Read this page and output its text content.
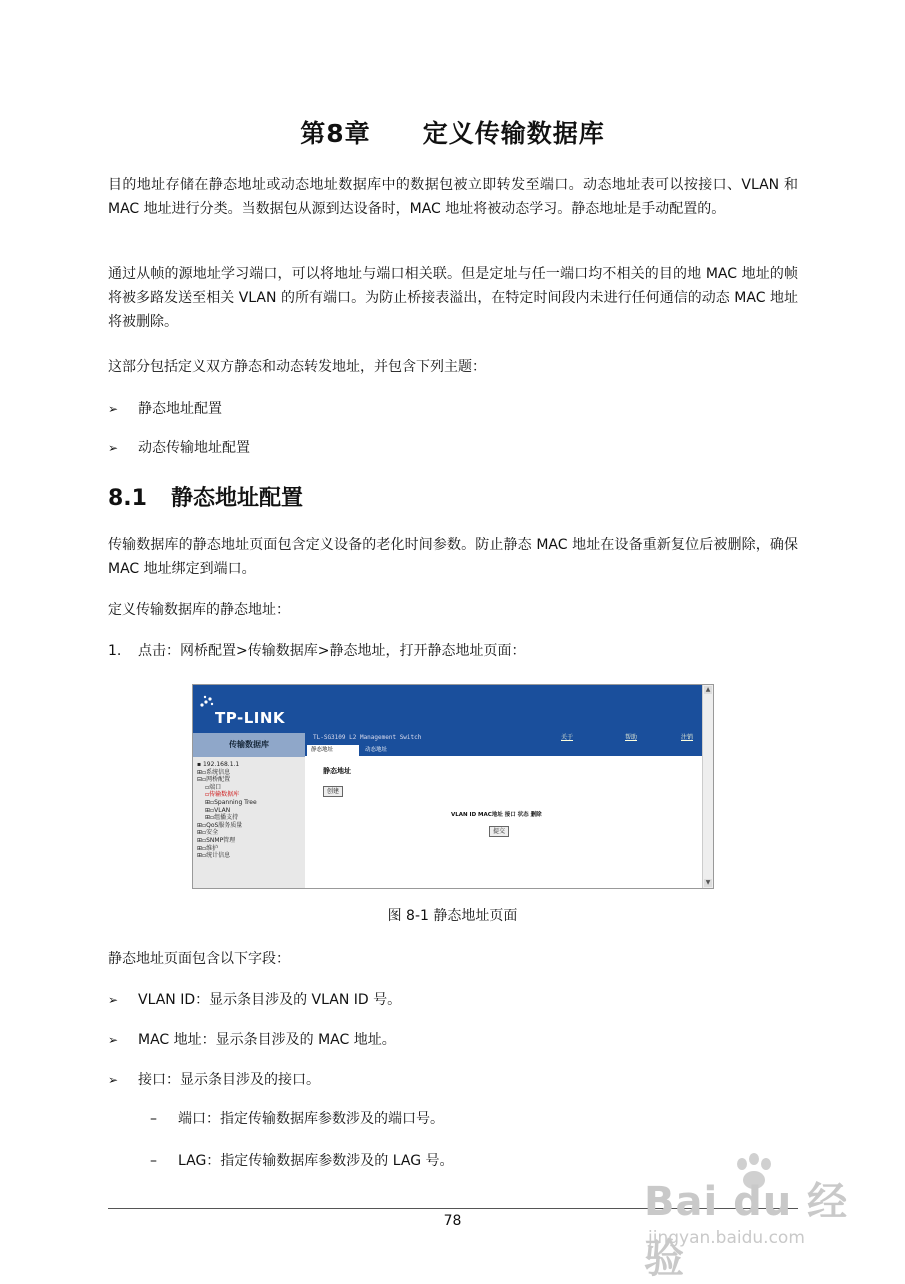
第8章 定义传输数据库
目的地址存储在静态地址或动态地址数据库中的数据包被立即转发至端口。动态地址表可以按接口、VLAN 和 MAC 地址进行分类。当数据包从源到达设备时，MAC 地址将被动态学习。静态地址是手动配置的。
通过从帧的源地址学习端口，可以将地址与端口相关联。但是定址与任一端口均不相关的目的地 MAC 地址的帧将被多路发送至相关 VLAN 的所有端口。为防止桥接表溢出，在特定时间段内未进行任何通信的动态 MAC 地址将被删除。
这部分包括定义双方静态和动态转发地址，并包含下列主题：
➢ 静态地址配置
➢ 动态传输地址配置
8.1 静态地址配置
传输数据库的静态地址页面包含定义设备的老化时间参数。防止静态 MAC 地址在设备重新复位后被删除，确保 MAC 地址绑定到端口。
定义传输数据库的静态地址：
1. 点击：网桥配置>传输数据库>静态地址，打开静态地址页面：
TP-LINK
传输数据库
▪ 192.168.1.1
⊞▫系统信息
⊟▫网桥配置
▫端口
▫传输数据库
⊞▫Spanning Tree
⊞▫VLAN
⊞▫组播支持
⊞▫QoS服务质量
⊞▫安全
⊞▫SNMP管理
⊞▫维护
⊞▫统计信息
TL-SG3109 L2 Management Switch	关于	帮助	注销
静态地址	动态地址
静态地址
创建
VLAN ID MAC地址 接口 状态 删除
提交
▲
▼
图 8-1 静态地址页面
静态地址页面包含以下字段：
➢ VLAN ID：显示条目涉及的 VLAN ID 号。
➢ MAC 地址：显示条目涉及的 MAC 地址。
➢ 接口：显示条目涉及的接口。
– 端口：指定传输数据库参数涉及的端口号。
– LAG：指定传输数据库参数涉及的 LAG 号。
78	Bai du 经验
jingyan.baidu.com
